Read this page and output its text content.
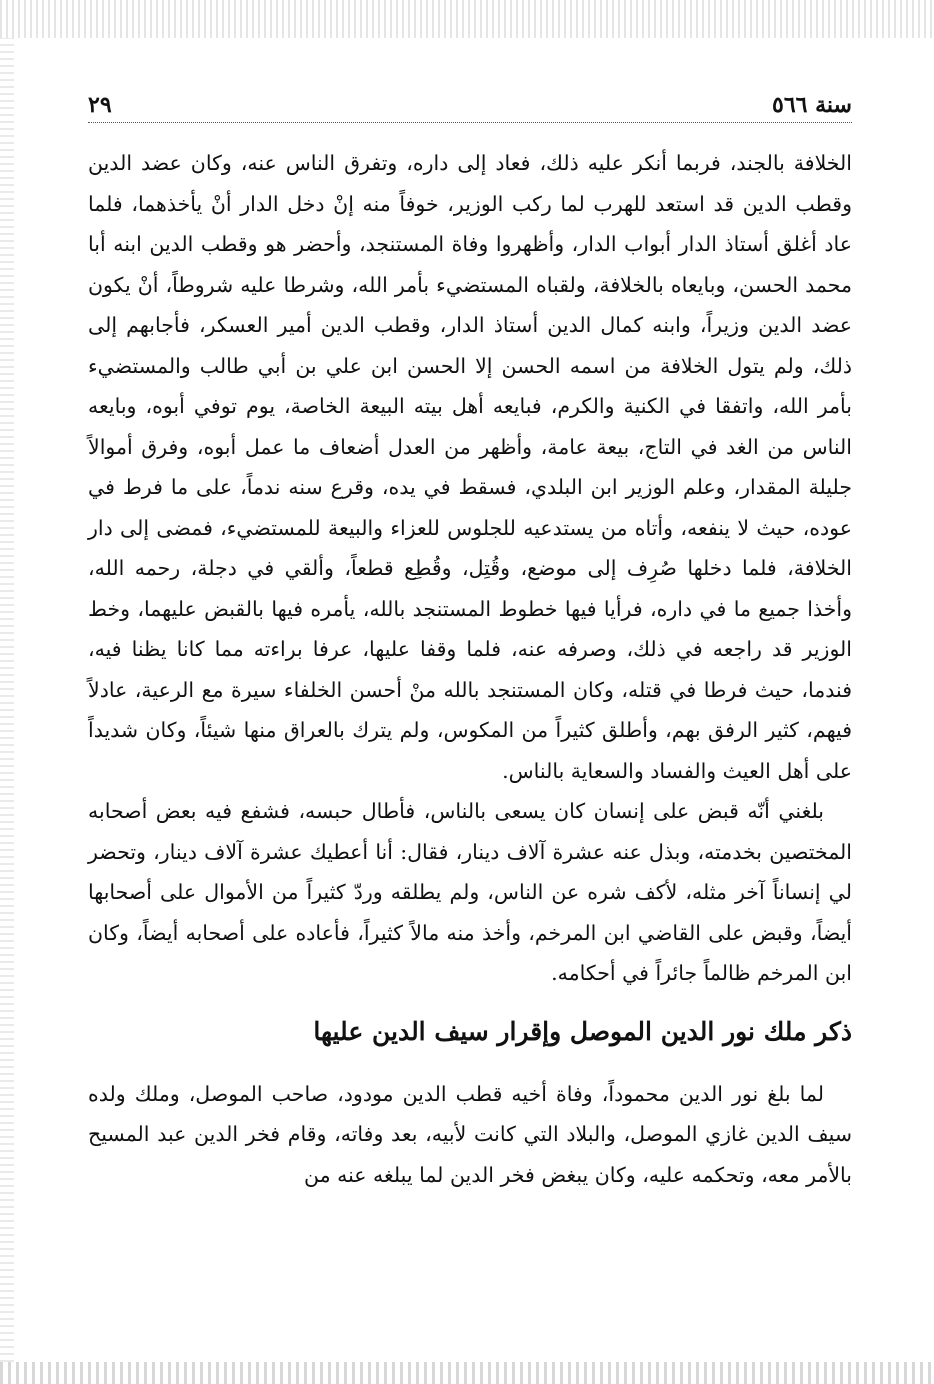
سنة ٥٦٦
٢٩

الخلافة بالجند، فربما أنكر عليه ذلك، فعاد إلى داره، وتفرق الناس عنه، وكان عضد الدين وقطب الدين قد استعد للهرب لما ركب الوزير، خوفاً منه إنْ دخل الدار أنْ يأخذهما، فلما عاد أغلق أستاذ الدار أبواب الدار، وأظهروا وفاة المستنجد، وأحضر هو وقطب الدين ابنه أبا محمد الحسن، وبايعاه بالخلافة، ولقباه المستضيء بأمر الله، وشرطا عليه شروطاً، أنْ يكون عضد الدين وزيراً، وابنه كمال الدين أستاذ الدار، وقطب الدين أمير العسكر، فأجابهم إلى ذلك، ولم يتول الخلافة من اسمه الحسن إلا الحسن ابن علي بن أبي طالب والمستضيء بأمر الله، واتفقا في الكنية والكرم، فبايعه أهل بيته البيعة الخاصة، يوم توفي أبوه، وبايعه الناس من الغد في التاج، بيعة عامة، وأظهر من العدل أضعاف ما عمل أبوه، وفرق أموالاً جليلة المقدار، وعلم الوزير ابن البلدي، فسقط في يده، وقرع سنه ندماً، على ما فرط في عوده، حيث لا ينفعه، وأتاه من يستدعيه للجلوس للعزاء والبيعة للمستضيء، فمضى إلى دار الخلافة، فلما دخلها صُرِف إلى موضع، وقُتِل، وقُطِع قطعاً، وألقي في دجلة، رحمه الله، وأخذا جميع ما في داره، فرأيا فيها خطوط المستنجد بالله، يأمره فيها بالقبض عليهما، وخط الوزير قد راجعه في ذلك، وصرفه عنه، فلما وقفا عليها، عرفا براءته مما كانا يظنا فيه، فندما، حيث فرطا في قتله، وكان المستنجد بالله منْ أحسن الخلفاء سيرة مع الرعية، عادلاً فيهم، كثير الرفق بهم، وأطلق كثيراً من المكوس، ولم يترك بالعراق منها شيئاً، وكان شديداً على أهل العيث والفساد والسعاية بالناس.

بلغني أنّه قبض على إنسان كان يسعى بالناس، فأطال حبسه، فشفع فيه بعض أصحابه المختصين بخدمته، وبذل عنه عشرة آلاف دينار، فقال: أنا أعطيك عشرة آلاف دينار، وتحضر لي إنساناً آخر مثله، لأكف شره عن الناس، ولم يطلقه وردّ كثيراً من الأموال على أصحابها أيضاً، وقبض على القاضي ابن المرخم، وأخذ منه مالاً كثيراً، فأعاده على أصحابه أيضاً، وكان ابن المرخم ظالماً جائراً في أحكامه.

ذكر ملك نور الدين الموصل وإقرار سيف الدين عليها

لما بلغ نور الدين محموداً، وفاة أخيه قطب الدين مودود، صاحب الموصل، وملك ولده سيف الدين غازي الموصل، والبلاد التي كانت لأبيه، بعد وفاته، وقام فخر الدين عبد المسيح بالأمر معه، وتحكمه عليه، وكان يبغض فخر الدين لما يبلغه عنه من
